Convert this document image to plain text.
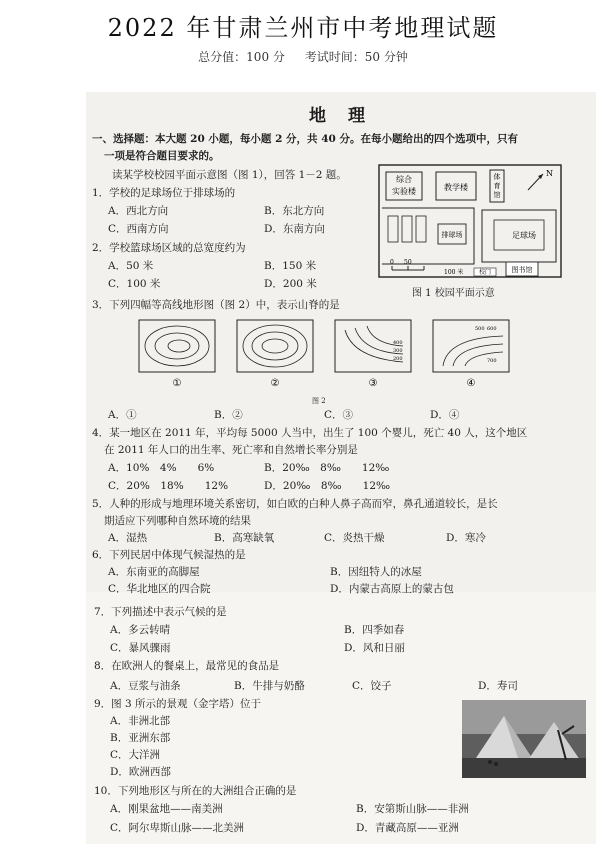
2022 年甘肃兰州市中考地理试题
总分值：100 分 考试时间：50 分钟
地 理
一、选择题：本大题 20 小题，每小题 2 分，共 40 分。在每小题给出的四个选项中，只有
一项是符合题目要求的。
读某学校校园平面示意图（图 1），回答 1－2 题。
1．学校的足球场位于排球场的
A．西北方向	B．东北方向
C．西南方向	D．东南方向
2．学校篮球场区域的总宽度约为
A．50 米	B．150 米
C．100 米	D．200 米
综合
实验楼	教学楼
体
育
馆
N
排球场	足球场
图书馆
校门
0 50
100 米
图 1 校园平面示意
3．下列四幅等高线地形图（图 2）中，表示山脊的是
200
300
400
500 600
700
①	②	③	④
图 2
A．①	B．②	C．③	D．④
4．某一地区在 2011 年，平均每 5000 人当中，出生了 100 个婴儿，死亡 40 人，这个地区
在 2011 年人口的出生率、死亡率和自然增长率分别是
A．10%　4%　　6%	B．20‰　8‰　　12‰
C．20%　18%　　12%	D．20‰　8‰　　12‰
5．人种的形成与地理环境关系密切，如白欧的白种人鼻子高而窄，鼻孔通道较长，是长
期适应下列哪种自然环境的结果
A．湿热	B．高寒缺氧	C．炎热干燥	D．寒冷
6．下列民居中体现气候湿热的是
A．东南亚的高脚屋	B．因纽特人的冰屋
C．华北地区的四合院	D．内蒙古高原上的蒙古包
7．下列描述中表示气候的是
A．多云转晴	B．四季如春
C．暴风骤雨	D．风和日丽
8．在欧洲人的餐桌上，最常见的食品是
A．豆浆与油条	B．牛排与奶酪	C．饺子	D．寿司
9．图 3 所示的景观（金字塔）位于
A．非洲北部
B．亚洲东部
C．大洋洲
D．欧洲西部
10．下列地形区与所在的大洲组合正确的是
A．刚果盆地——南美洲	B．安第斯山脉——非洲
C．阿尔卑斯山脉——北美洲	D．青藏高原——亚洲
